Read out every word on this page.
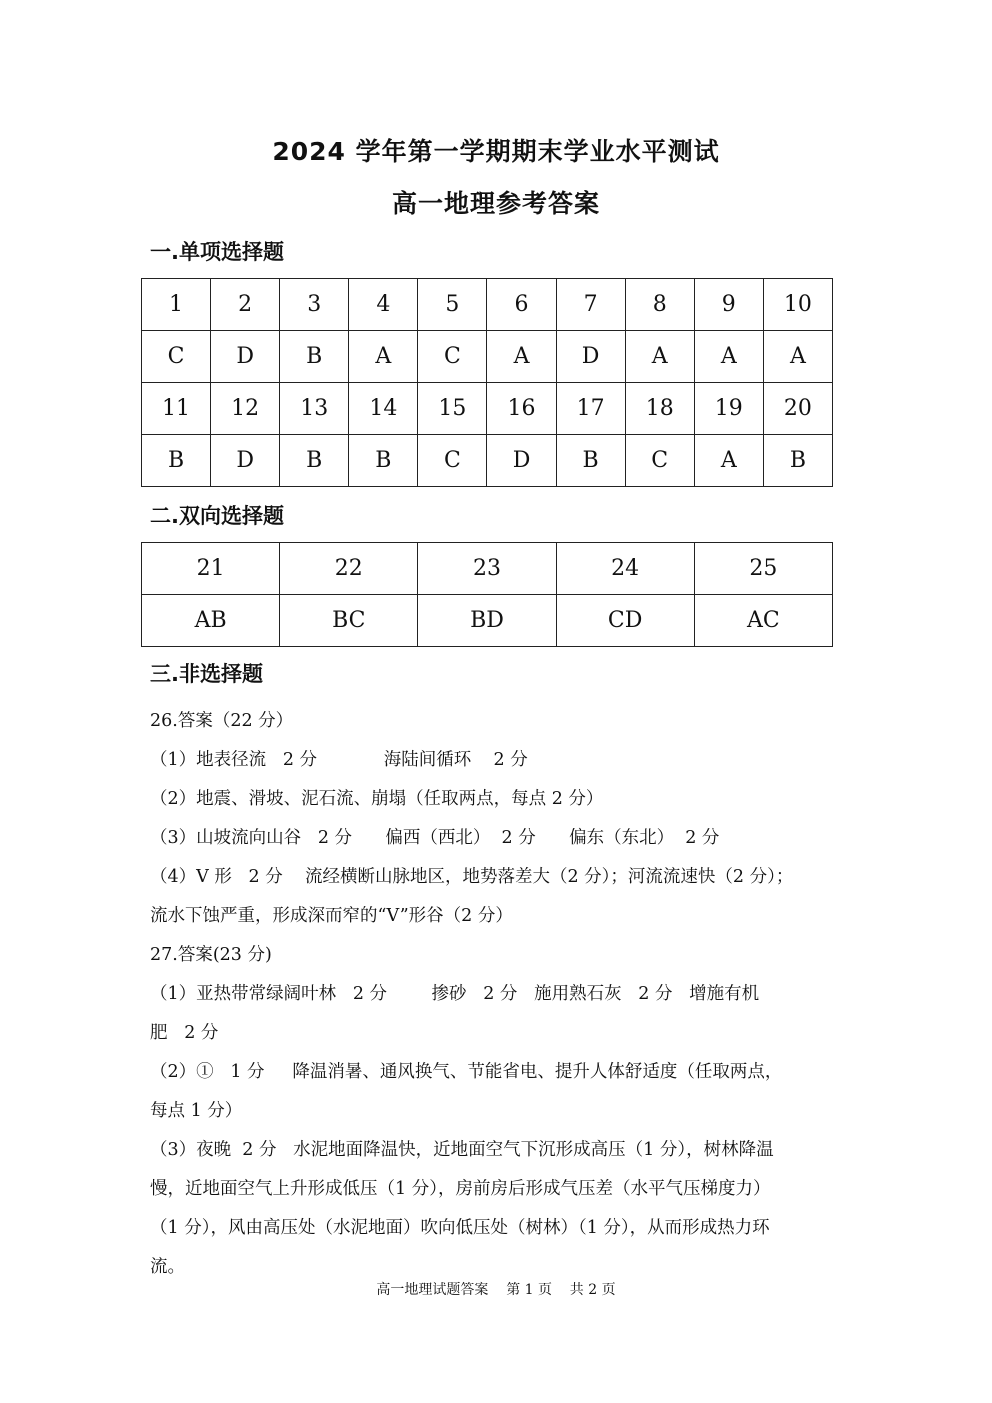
2024 学年第一学期期末学业水平测试
高一地理参考答案
一.单项选择题
1	2	3	4	5	6	7	8	9	10
C	D	B	A	C	A	D	A	A	A
11	12	13	14	15	16	17	18	19	20
B	D	B	B	C	D	B	C	A	B
二.双向选择题
21	22	23	24	25
AB	BC	BD	CD	AC
三.非选择题
26.答案（22 分）
（1）地表径流   2 分            海陆间循环    2 分
（2）地震、滑坡、泥石流、崩塌（任取两点，每点 2 分）
（3）山坡流向山谷   2 分      偏西（西北）  2 分      偏东（东北）  2 分
（4）V 形   2 分    流经横断山脉地区，地势落差大（2 分）；河流流速快（2 分）；
流水下蚀严重，形成深而窄的“V”形谷（2 分）
27.答案(23 分)
（1）亚热带常绿阔叶林   2 分        掺砂   2 分   施用熟石灰   2 分   增施有机
肥   2 分
（2）①   1 分     降温消暑、通风换气、节能省电、提升人体舒适度（任取两点，
每点 1 分）
（3）夜晚  2 分   水泥地面降温快，近地面空气下沉形成高压（1 分），树林降温
慢，近地面空气上升形成低压（1 分），房前房后形成气压差（水平气压梯度力）
（1 分），风由高压处（水泥地面）吹向低压处（树林）（1 分），从而形成热力环
流。
高一地理试题答案    第 1 页    共 2 页
